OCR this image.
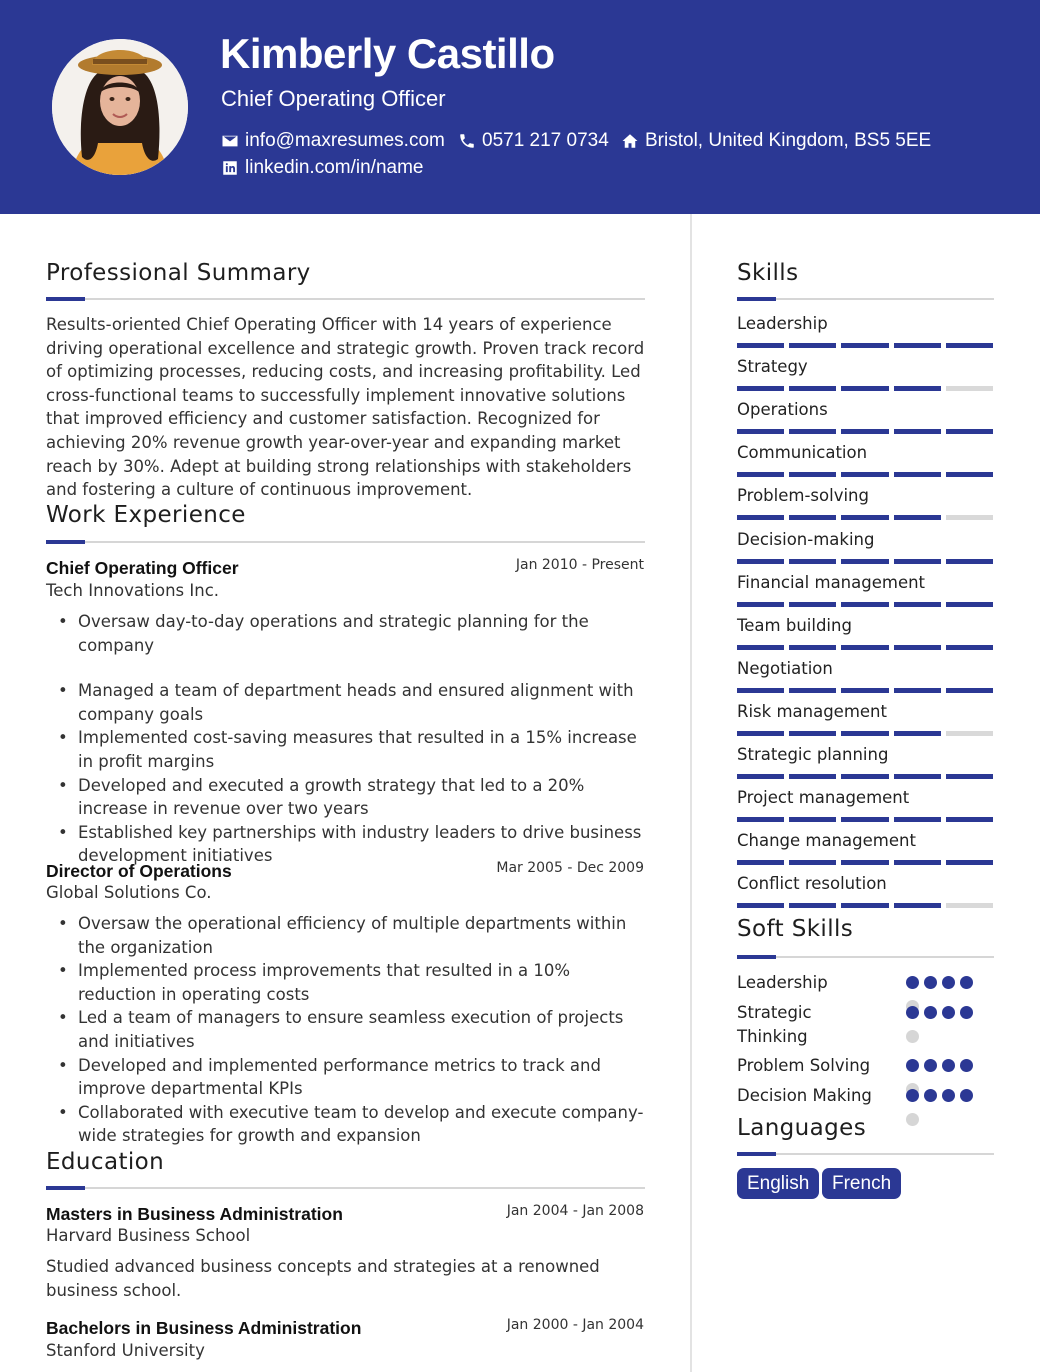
Kimberly Castillo
Chief Operating Officer
info@maxresumes.com 0571 217 0734 Bristol, United Kingdom, BS5 5EE
linkedin.com/in/name
Professional Summary
Results-oriented Chief Operating Officer with 14 years of experience driving operational excellence and strategic growth. Proven track record of optimizing processes, reducing costs, and increasing profitability. Led cross-functional teams to successfully implement innovative solutions that improved efficiency and customer satisfaction. Recognized for achieving 20% revenue growth year-over-year and expanding market reach by 30%. Adept at building strong relationships with stakeholders and fostering a culture of continuous improvement.
Work Experience
Chief Operating Officer	Jan 2010 - Present
Tech Innovations Inc.
• Oversaw day-to-day operations and strategic planning for the company
• Managed a team of department heads and ensured alignment with company goals
• Implemented cost-saving measures that resulted in a 15% increase in profit margins
• Developed and executed a growth strategy that led to a 20% increase in revenue over two years
• Established key partnerships with industry leaders to drive business development initiatives
Director of Operations	Mar 2005 - Dec 2009
Global Solutions Co.
• Oversaw the operational efficiency of multiple departments within the organization
• Implemented process improvements that resulted in a 10% reduction in operating costs
• Led a team of managers to ensure seamless execution of projects and initiatives
• Developed and implemented performance metrics to track and improve departmental KPIs
• Collaborated with executive team to develop and execute company-wide strategies for growth and expansion
Education
Masters in Business Administration	Jan 2004 - Jan 2008
Harvard Business School
Studied advanced business concepts and strategies at a renowned business school.
Bachelors in Business Administration	Jan 2000 - Jan 2004
Stanford University
Skills
Leadership
Strategy
Operations
Communication
Problem-solving
Decision-making
Financial management
Team building
Negotiation
Risk management
Strategic planning
Project management
Change management
Conflict resolution
Soft Skills
Leadership
Strategic Thinking
Problem Solving
Decision Making
Languages
English	French
